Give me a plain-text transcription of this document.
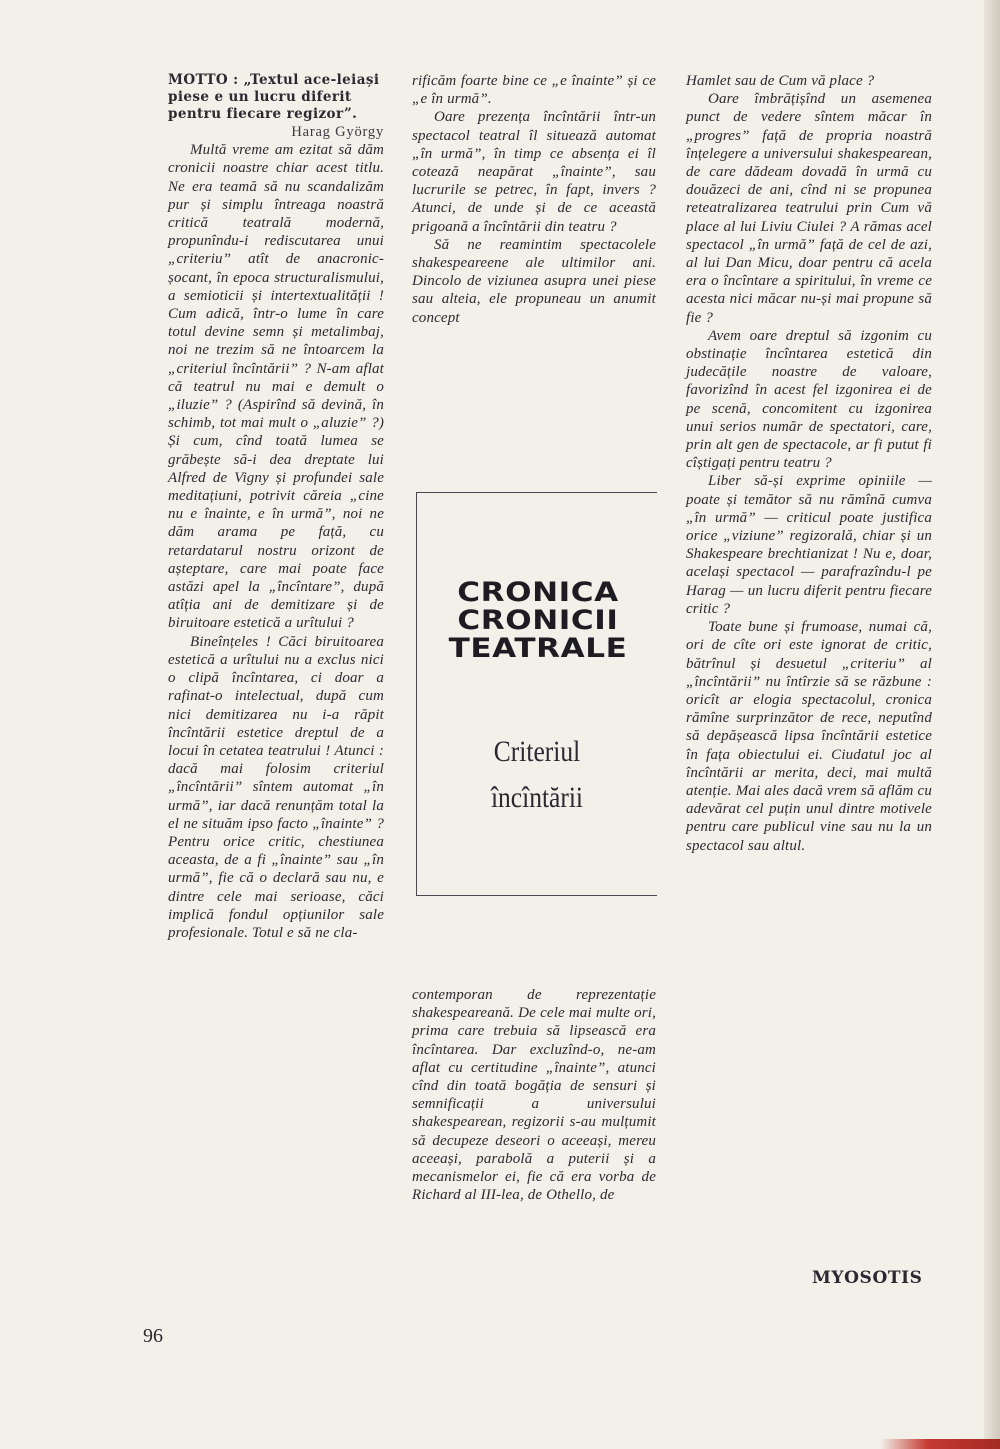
MOTTO : „Textul ace-leiași piese e un lucru diferit pentru fiecare regizor”.

Harag György

Multă vreme am ezitat să dăm cronicii noastre chiar acest titlu. Ne era teamă să nu scandalizăm pur și simplu întreaga noastră critică teatrală modernă, propunîndu-i rediscutarea unui „criteriu” atît de anacronic-șocant, în epoca structuralismului, a semioticii și intertextualității ! Cum adică, într-o lume în care totul devine semn și metalimbaj, noi ne trezim să ne întoarcem la „criteriul încîntării” ? N-am aflat că teatrul nu mai e demult o „iluzie” ? (Aspirînd să devină, în schimb, tot mai mult o „aluzie” ?) Și cum, cînd toată lumea se grăbește să-i dea dreptate lui Alfred de Vigny și profundei sale meditațiuni, potrivit căreia „cine nu e înainte, e în urmă”, noi ne dăm arama pe față, cu retardatarul nostru orizont de așteptare, care mai poate face astăzi apel la „încîntare”, după atîția ani de demitizare și de biruitoare estetică a urîtului ?

Bineînțeles ! Căci biruitoarea estetică a urîtului nu a exclus nici o clipă încîntarea, ci doar a rafinat-o intelectual, după cum nici demitizarea nu i-a răpit încîntării estetice dreptul de a locui în cetatea teatrului ! Atunci : dacă mai folosim criteriul „încîntării” sîntem automat „în urmă”, iar dacă renunțăm total la el ne situăm ipso facto „înainte” ? Pentru orice critic, chestiunea aceasta, de a fi „înainte” sau „în urmă”, fie că o declară sau nu, e dintre cele mai serioase, căci implică fondul opțiunilor sale profesionale. Totul e să ne cla-

rificăm foarte bine ce „e înainte” și ce „e în urmă”.

Oare prezența încîntării într-un spectacol teatral îl situează automat „în urmă”, în timp ce absența ei îl cotează neapărat „înainte”, sau lucrurile se petrec, în fapt, invers ? Atunci, de unde și de ce această prigoană a încîntării din teatru ?

Să ne reamintim spectacolele shakespeareene ale ultimilor ani. Dincolo de viziunea asupra unei piese sau alteia, ele propuneau un anumit concept

CRONICA
CRONICII
TEATRALE
Criteriul
încîntării

contemporan de reprezentație shakespeareană. De cele mai multe ori, prima care trebuia să lipsească era încîntarea. Dar excluzînd-o, ne-am aflat cu certitudine „înainte”, atunci cînd din toată bogăția de sensuri și semnificații a universului shakespearean, regizorii s-au mulțumit să decupeze deseori o aceeași, mereu aceeași, parabolă a puterii și a mecanismelor ei, fie că era vorba de Richard al III-lea, de Othello, de

Hamlet sau de Cum vă place ?

Oare îmbrățișînd un asemenea punct de vedere sîntem măcar în „progres” față de propria noastră înțelegere a universului shakespearean, de care dădeam dovadă în urmă cu douăzeci de ani, cînd ni se propunea reteatralizarea teatrului prin Cum vă place al lui Liviu Ciulei ? A rămas acel spectacol „în urmă” față de cel de azi, al lui Dan Micu, doar pentru că acela era o încîntare a spiritului, în vreme ce acesta nici măcar nu-și mai propune să fie ?

Avem oare dreptul să izgonim cu obstinație încîntarea estetică din judecățile noastre de valoare, favorizînd în acest fel izgonirea ei de pe scenă, concomitent cu izgonirea unui serios număr de spectatori, care, prin alt gen de spectacole, ar fi putut fi cîștigați pentru teatru ?

Liber să-și exprime opiniile — poate și temător să nu rămînă cumva „în urmă” — criticul poate justifica orice „viziune” regizorală, chiar și un Shakespeare brechtianizat ! Nu e, doar, același spectacol — parafrazîndu-l pe Harag — un lucru diferit pentru fiecare critic ?

Toate bune și frumoase, numai că, ori de cîte ori este ignorat de critic, bătrînul și desuetul „criteriu” al „încîntării” nu întîrzie să se răzbune : oricît ar elogia spectacolul, cronica rămîne surprinzător de rece, neputînd să depășească lipsa încîntării estetice în fața obiectului ei. Ciudatul joc al încîntării ar merita, deci, mai multă atenție. Mai ales dacă vrem să aflăm cu adevărat cel puțin unul dintre motivele pentru care publicul vine sau nu la un spectacol sau altul.

MYOSOTIS
96
